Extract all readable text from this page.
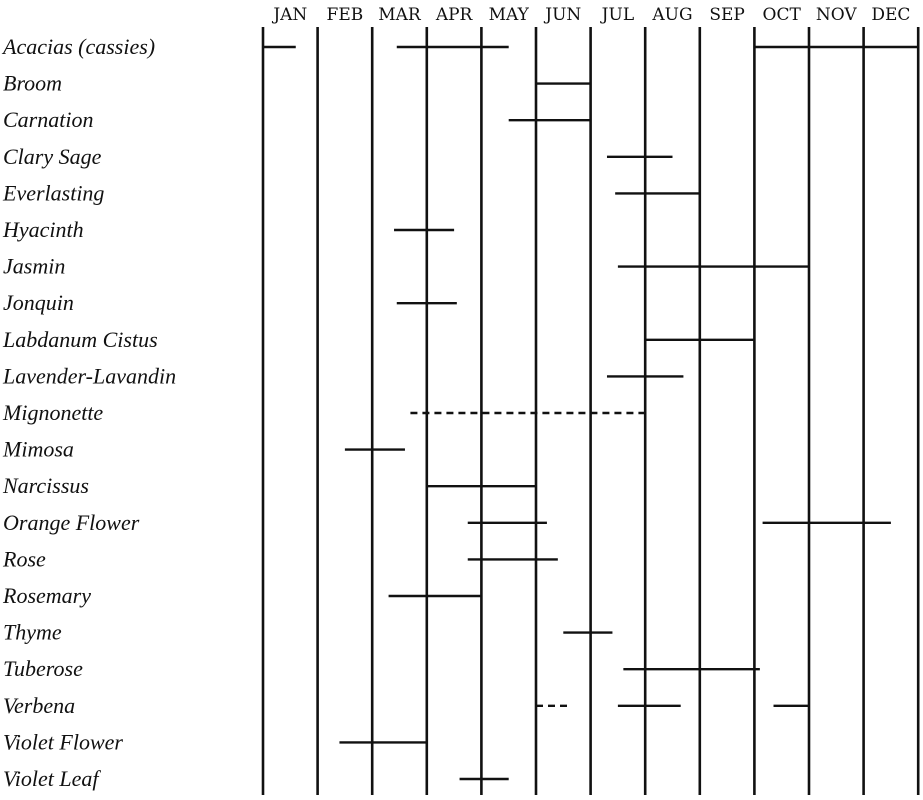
JAN FEB MAR APR MAY JUN JUL AUG SEP OCT NOV DEC
Acacias (cassies)
Broom
Carnation
Clary Sage
Everlasting
Hyacinth
Jasmin
Jonquin
Labdanum Cistus
Lavender-Lavandin
Mignonette
Mimosa
Narcissus
Orange Flower
Rose
Rosemary
Thyme
Tuberose
Verbena
Violet Flower
Violet Leaf
